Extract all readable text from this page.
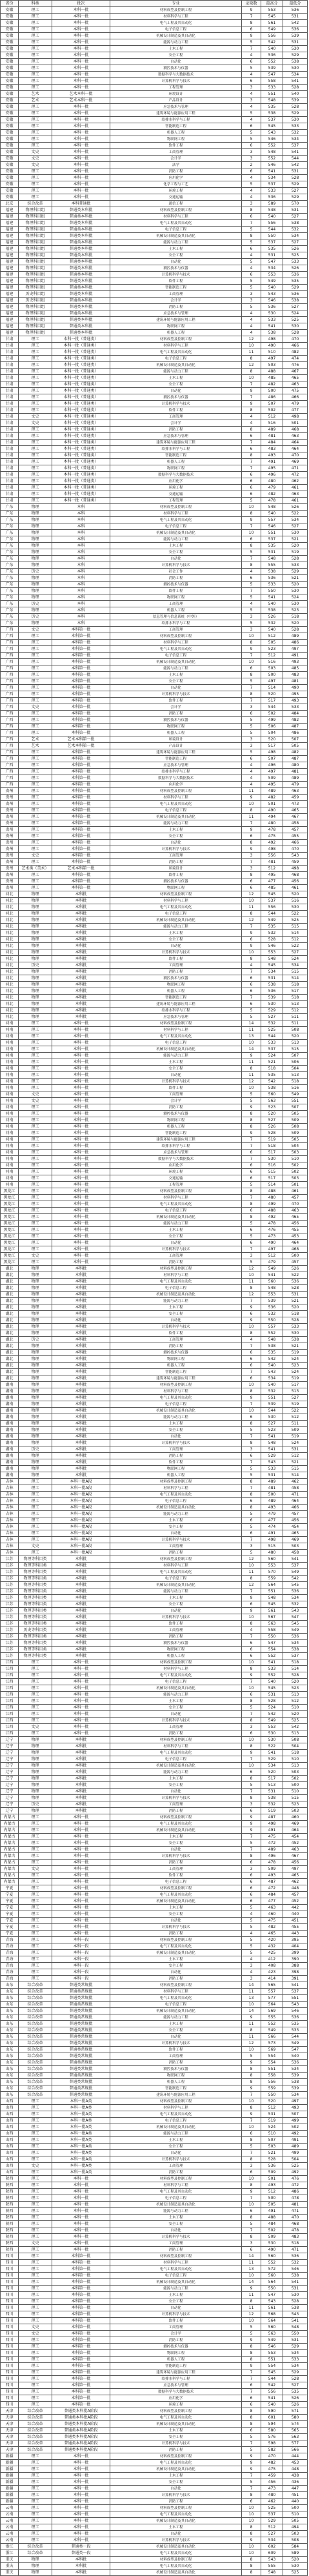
省份	科类	批次	专业	录取数	最高分	最低分
安徽	理工	本科一批	材料成型及控制工程	9	553	536
安徽	理工	本科一批	材料科学与工程	7	545	531
安徽	理工	本科一批	电气工程及其自动化	8	561	542
安徽	理工	本科一批	电子信息工程	6	549	536
安徽	理工	本科一批	机械设计制造及其自动化	9	556	539
安徽	理工	本科一批	能源与动力工程	5	542	531
安徽	理工	本科一批	土木工程	7	540	530
安徽	理工	本科一批	安全工程	4	536	529
安徽	理工	本科一批	自动化	6	552	538
安徽	理工	本科一批	测控技术与仪器	5	539	530
安徽	理工	本科一批	数据科学与大数据技术	4	547	534
安徽	理工	本科一批	计算机科学与技术	6	558	541
安徽	理工	本科一批	工程管理	3	533	528
安徽	艺术	艺术本科一批	环境设计	4	551	540
安徽	艺术	艺术本科一批	产品设计	3	548	539
安徽	理工	本科一批	应急技术与管理	4	535	528
安徽	理工	本科一批	建筑环境与能源应用工程	5	538	529
安徽	理工	本科一批	给排水科学与工程	4	537	530
安徽	理工	本科一批	智能制造工程	6	545	533
安徽	理工	本科一批	机器人工程	5	543	532
安徽	理工	本科一批	物联网工程	5	546	534
安徽	理工	本科一批	软件工程	6	552	537
安徽	文史	本科一批	工商管理	3	548	541
安徽	文史	本科一批	会计学	3	552	544
安徽	文史	本科一批	法学	2	546	542
安徽	理工	本科一批	消防工程	6	541	531
安徽	理工	本科一批	应用化学	4	534	528
安徽	理工	本科一批	化学工程与工艺	5	537	529
安徽	理工	本科一批	环境工程	4	533	527
安徽	理工	本科一批	交通运输	4	536	529
北京	综合改革	本科普通批	通信工程	3	589	570
福建	物理科目组	普通类本科批	材料成型及控制工程	8	548	531
福建	物理科目组	普通类本科批	材料科学与工程	6	540	527
福建	物理科目组	普通类本科批	电气工程及其自动化	7	556	538
福建	物理科目组	普通类本科批	电子信息工程	5	544	532
福建	物理科目组	普通类本科批	机械设计制造及其自动化	8	550	534
福建	物理科目组	普通类本科批	能源与动力工程	5	537	527
福建	物理科目组	普通类本科批	土木工程	6	535	526
福建	物理科目组	普通类本科批	安全工程	4	531	525
福建	物理科目组	普通类本科批	自动化	5	547	533
福建	物理科目组	普通类本科批	测控技术与仪器	4	534	526
福建	物理科目组	普通类本科批	计算机科学与技术	6	553	536
福建	物理科目组	普通类本科批	软件工程	5	549	535
福建	物理科目组	普通类本科批	智能制造工程	5	540	529
福建	历史科目组	普通类本科批	工商管理	3	543	536
福建	历史科目组	普通类本科批	会计学	3	546	538
福建	物理科目组	普通类本科批	消防工程	5	536	527
福建	物理科目组	普通类本科批	应急技术与管理	4	530	524
福建	物理科目组	普通类本科批	建筑环境与能源应用工程	4	533	525
福建	物理科目组	普通类本科批	物联网工程	4	541	530
福建	物理科目组	普通类本科批	机器人工程	4	538	528
甘肃	理工	本科一批（普通类）	材料成型及控制工程	12	498	470
甘肃	理工	本科一批（普通类）	材料科学与工程	10	490	466
甘肃	理工	本科一批（普通类）	电气工程及其自动化	11	510	482
甘肃	理工	本科一批（普通类）	电子信息工程	8	497	474
甘肃	理工	本科一批（普通类）	机械设计制造及其自动化	12	503	476
甘肃	理工	本科一批（普通类）	能源与动力工程	8	488	467
甘肃	理工	本科一批（普通类）	土木工程	10	485	465
甘肃	理工	本科一批（普通类）	安全工程	7	482	463
甘肃	理工	本科一批（普通类）	自动化	9	500	475
甘肃	理工	本科一批（普通类）	测控技术与仪器	7	486	466
甘肃	理工	本科一批（普通类）	计算机科学与技术	9	507	479
甘肃	理工	本科一批（普通类）	软件工程	8	502	477
甘肃	文史	本科一批（普通类）	工商管理	4	512	498
甘肃	文史	本科一批（普通类）	会计学	4	516	501
甘肃	理工	本科一批（普通类）	消防工程	8	489	468
甘肃	理工	本科一批（普通类）	应急技术与管理	6	481	463
甘肃	理工	本科一批（普通类）	建筑环境与能源应用工程	7	484	464
甘肃	理工	本科一批（普通类）	给排水科学与工程	6	483	464
甘肃	理工	本科一批（普通类）	智能制造工程	8	493	470
甘肃	理工	本科一批（普通类）	机器人工程	7	491	469
甘肃	理工	本科一批（普通类）	物联网工程	7	495	471
甘肃	理工	本科一批（普通类）	数据科学与大数据技术	6	496	472
甘肃	理工	本科一批（普通类）	应用化学	6	480	462
甘肃	理工	本科一批（普通类）	环境工程	6	479	461
甘肃	理工	本科一批（普通类）	交通运输	6	482	463
甘肃	理工	本科一批（普通类）	工程管理	5	478	461
广东	物理	本科	材料成型及控制工程	10	548	526
广东	物理	本科	材料科学与工程	8	540	522
广东	物理	本科	电气工程及其自动化	9	557	534
广东	物理	本科	电子信息工程	7	546	527
广东	物理	本科	机械设计制造及其自动化	10	551	530
广东	物理	本科	能源与动力工程	6	537	521
广东	物理	本科	土木工程	8	535	520
广东	物理	本科	安全工程	5	531	519
广东	物理	本科	自动化	7	548	528
广东	物理	本科	计算机科学与技术	8	555	533
广东	历史	本科	社会工作	4	538	529
广东	物理	本科	消防工程	6	536	521
广东	物理	本科	测控技术与仪器	5	533	520
广东	物理	本科	软件工程	7	550	530
广东	物理	本科	物联网工程	5	541	524
广东	历史	本科	工商管理	4	540	530
广东	物理	本科	机器人工程	5	538	523
广东	历史	本科	信息管理与信息系统（中外）	3	526	518
广东	物理	本科	给排水科学与工程	5	532	520
广西	文史	本科第一批	工商管理	3	540	528
广西	理工	本科第一批	材料成型及控制工程	10	512	489
广西	理工	本科第一批	材料科学与工程	8	505	486
广西	理工	本科第一批	电气工程及其自动化	9	523	497
广西	理工	本科第一批	电子信息工程	7	512	491
广西	理工	本科第一批	机械设计制造及其自动化	10	516	493
广西	理工	本科第一批	能源与动力工程	6	503	485
广西	理工	本科第一批	土木工程	8	500	483
广西	理工	本科第一批	安全工程	5	497	481
广西	理工	本科第一批	自动化	7	514	490
广西	理工	本科第一批	计算机科学与技术	8	520	495
广西	理工	本科第一批	软件工程	7	517	493
广西	文史	本科第一批	会计学	3	544	533
广西	理工	本科第一批	消防工程	6	502	484
广西	理工	本科第一批	测控技术与仪器	5	499	482
广西	理工	本科第一批	物联网工程	5	506	487
广西	理工	本科第一批	机器人工程	5	504	486
广西	艺术	艺术本科第一批	环境设计	3	520	507
广西	艺术	艺术本科第一批	产品设计	3	517	505
广西	理工	本科第一批	建筑环境与能源应用工程	5	498	482
广西	理工	本科第一批	智能制造工程	6	507	487
广西	理工	本科第一批	应急技术与管理	4	496	480
广西	理工	本科第一批	给排水科学与工程	4	497	481
广西	理工	本科第一批	数据科学与大数据技术	4	509	489
广西	理工	本科第一批	应用化学	4	495	479
贵州	理工	本科第一批	材料成型及控制工程	11	489	463
贵州	理工	本科第一批	材料科学与工程	9	482	459
贵州	理工	本科第一批	电气工程及其自动化	10	501	473
贵州	理工	本科第一批	电子信息工程	8	490	465
贵州	理工	本科第一批	机械设计制造及其自动化	11	494	467
贵州	理工	本科第一批	能源与动力工程	7	480	458
贵州	理工	本科第一批	土木工程	9	478	457
贵州	理工	本科第一批	安全工程	6	475	455
贵州	理工	本科第一批	自动化	8	492	466
贵州	理工	本科第一批	计算机科学与技术	9	498	470
贵州	文史	本科第一批	工商管理	3	556	543
贵州	理工	本科第一批	消防工程	7	481	459
贵州	艺术类（美术）	艺术本科第一批	环境设计	3	512	498
贵州	理工	本科第一批	软件工程	8	495	468
贵州	理工	本科第一批	测控技术与仪器	6	477	456
贵州	理工	本科第一批	物联网工程	6	485	461
河北	物理	本科批	材料成型及控制工程	12	545	520
河北	物理	本科批	材料科学与工程	10	537	516
河北	物理	本科批	电气工程及其自动化	11	556	530
河北	物理	本科批	电子信息工程	8	544	522
河北	物理	本科批	机械设计制造及其自动化	12	549	525
河北	物理	本科批	能源与动力工程	7	535	515
河北	物理	本科批	土木工程	9	532	514
河北	物理	本科批	安全工程	6	528	512
河北	物理	本科批	自动化	9	546	522
河北	物理	本科批	计算机科学与技术	10	553	527
河北	物理	本科批	软件工程	8	548	524
河北	历史	本科批	工商管理	4	545	534
河北	物理	本科批	消防工程	7	534	515
河北	物理	本科批	测控技术与仪器	6	531	514
河北	物理	本科批	物联网工程	6	538	518
河北	物理	本科批	机器人工程	6	536	517
河北	物理	本科批	智能制造工程	7	539	518
河北	物理	本科批	建筑环境与能源应用工程	6	530	513
河北	物理	本科批	给排水科学与工程	5	529	512
河北	物理	本科批	应急技术与管理	5	527	511
河南	理工	本科一批	材料成型及控制工程	14	532	511
河南	理工	本科一批	材料科学与工程	11	525	508
河南	理工	本科一批	电气工程及其自动化	13	544	520
河南	理工	本科一批	电子信息工程	10	533	513
河南	理工	本科一批	机械设计制造及其自动化	14	537	515
河南	理工	本科一批	能源与动力工程	9	524	507
河南	理工	本科一批	土木工程	11	521	506
河南	理工	本科一批	安全工程	8	518	504
河南	理工	本科一批	自动化	11	535	513
河南	理工	本科一批	计算机科学与技术	12	542	518
河南	理工	本科一批	软件工程	10	538	516
河南	文史	本科一批	工商管理	5	560	549
河南	文史	本科一批	会计学	5	563	551
河南	理工	本科一批	消防工程	9	523	507
河南	理工	本科一批	测控技术与仪器	8	520	505
河南	理工	本科一批	物联网工程	8	527	509
河南	理工	本科一批	机器人工程	8	526	508
河南	理工	本科一批	智能制造工程	9	528	509
河南	理工	本科一批	建筑环境与能源应用工程	7	519	505
河南	理工	本科一批	给排水科学与工程	7	518	504
河南	理工	本科一批	应急技术与管理	6	517	503
河南	理工	本科一批	数据科学与大数据技术	7	530	510
河南	理工	本科一批	应用化学	6	516	502
河南	理工	本科一批	环境工程	6	515	502
河南	理工	本科一批	交通运输	6	517	503
河南	理工	本科一批	工程管理	5	514	501
黑龙江	理工	本科一批	材料成型及控制工程	8	488	461
黑龙江	理工	本科一批	材料科学与工程	7	480	457
黑龙江	理工	本科一批	电气工程及其自动化	8	499	470
黑龙江	理工	本科一批	电子信息工程	6	488	463
黑龙江	理工	本科一批	机械设计制造及其自动化	8	492	465
黑龙江	理工	本科一批	能源与动力工程	5	478	456
黑龙江	理工	本科一批	土木工程	6	476	455
黑龙江	理工	本科一批	安全工程	5	473	453
黑龙江	理工	本科一批	自动化	6	490	464
黑龙江	理工	本科一批	计算机科学与技术	7	497	468
黑龙江	文史	本科一批	工商管理	3	512	500
黑龙江	理工	本科一批	消防工程	5	479	457
湖北	物理	本科批	材料成型及控制工程	12	549	526
湖北	物理	本科批	材料科学与工程	10	541	522
湖北	物理	本科批	电气工程及其自动化	11	560	536
湖北	物理	本科批	电子信息工程	8	548	528
湖北	物理	本科批	机械设计制造及其自动化	12	553	531
湖北	物理	本科批	能源与动力工程	7	539	521
湖北	物理	本科批	土木工程	9	536	520
湖北	物理	本科批	安全工程	6	532	518
湖北	物理	本科批	自动化	9	550	528
湖北	物理	本科批	计算机科学与技术	10	557	533
湖北	物理	本科批	软件工程	8	552	530
湖北	历史	本科批	工商管理	4	548	538
湖北	物理	本科批	消防工程	7	538	521
湖北	物理	本科批	测控技术与仪器	6	535	519
湖北	物理	本科批	物联网工程	6	542	524
湖北	物理	本科批	机器人工程	6	540	523
湖北	物理	本科批	智能制造工程	7	543	524
湖北	物理	本科批	建筑环境与能源应用工程	6	534	519
湖南	物理	本科批	材料成型及控制工程	10	540	517
湖南	物理	本科批	材料科学与工程	8	532	513
湖南	物理	本科批	电气工程及其自动化	9	551	527
湖南	物理	本科批	电子信息工程	7	539	519
湖南	物理	本科批	机械设计制造及其自动化	10	544	522
湖南	物理	本科批	能源与动力工程	6	530	512
湖南	物理	本科批	土木工程	8	527	511
湖南	物理	本科批	安全工程	5	523	509
湖南	物理	本科批	自动化	7	541	519
湖南	物理	本科批	计算机科学与技术	8	548	524
湖南	历史	本科批	工商管理	3	541	531
湖南	物理	本科批	消防工程	6	529	512
湖南	物理	本科批	软件工程	7	543	521
湖南	物理	本科批	物联网工程	5	533	515
湖南	物理	本科批	机器人工程	5	531	514
吉林	理工	本科一批A段	材料成型及控制工程	8	489	462
吉林	理工	本科一批A段	材料科学与工程	7	481	458
吉林	理工	本科一批A段	电气工程及其自动化	8	500	471
吉林	理工	本科一批A段	电子信息工程	6	489	464
吉林	理工	本科一批A段	机械设计制造及其自动化	8	493	466
吉林	理工	本科一批A段	能源与动力工程	5	479	457
吉林	理工	本科一批A段	土木工程	6	477	456
吉林	理工	本科一批A段	安全工程	5	474	454
吉林	理工	本科一批A段	自动化	6	491	465
吉林	理工	本科一批A段	计算机科学与技术	7	498	469
吉林	文史	本科一批A段	工商管理	3	515	503
吉林	理工	本科一批A段	消防工程	5	480	458
江苏	物理等科目类	本科批	材料成型及控制工程	12	560	541
江苏	物理等科目类	本科批	材料科学与工程	10	553	537
江苏	物理等科目类	本科批	电气工程及其自动化	11	570	549
江苏	物理等科目类	本科批	电子信息工程	8	559	542
江苏	物理等科目类	本科批	机械设计制造及其自动化	12	564	545
江苏	物理等科目类	本科批	能源与动力工程	7	551	536
江苏	物理等科目类	本科批	土木工程	9	548	534
江苏	物理等科目类	本科批	安全工程	6	545	532
江苏	物理等科目类	本科批	自动化	9	561	543
江苏	物理等科目类	本科批	计算机科学与技术	10	567	547
江苏	物理等科目类	本科批	软件工程	8	563	545
江苏	历史等科目类	本科批	工商管理	4	558	549
江苏	物理等科目类	本科批	消防工程	7	550	536
江苏	物理等科目类	本科批	测控技术与仪器	6	547	534
江苏	物理等科目类	本科批	物联网工程	6	554	538
江苏	物理等科目类	本科批	机器人工程	6	552	537
江西	理工	本科一批	材料成型及控制工程	10	541	518
江西	理工	本科一批	材料科学与工程	8	533	514
江西	理工	本科一批	电气工程及其自动化	9	552	528
江西	理工	本科一批	电子信息工程	7	540	520
江西	理工	本科一批	机械设计制造及其自动化	10	545	523
江西	理工	本科一批	能源与动力工程	6	531	513
江西	理工	本科一批	土木工程	8	528	512
江西	理工	本科一批	安全工程	5	524	510
江西	理工	本科一批	自动化	7	542	520
江西	理工	本科一批	计算机科学与技术	8	549	525
江西	文史	本科一批	工商管理	3	553	542
江西	理工	本科一批	消防工程	6	530	513
辽宁	物理	本科批	材料成型及控制工程	10	530	508
辽宁	物理	本科批	材料科学与工程	8	522	504
辽宁	物理	本科批	电气工程及其自动化	9	541	518
辽宁	物理	本科批	电子信息工程	7	529	510
辽宁	物理	本科批	机械设计制造及其自动化	10	534	513
辽宁	物理	本科批	能源与动力工程	6	520	503
辽宁	物理	本科批	土木工程	8	517	502
辽宁	物理	本科批	安全工程	5	513	500
辽宁	物理	本科批	自动化	7	531	510
辽宁	物理	本科批	计算机科学与技术	8	538	515
辽宁	历史	本科批	工商管理	3	532	523
辽宁	物理	本科批	消防工程	6	519	503
内蒙古	理工	本科一批	材料成型及控制工程	9	487	460
内蒙古	理工	本科一批	电气工程及其自动化	9	498	469
内蒙古	理工	本科一批	机械设计制造及其自动化	9	491	464
内蒙古	理工	本科一批	土木工程	7	475	454
内蒙古	理工	本科一批	安全工程	5	472	452
内蒙古	理工	本科一批	自动化	7	489	463
内蒙古	理工	本科一批	计算机科学与技术	8	496	467
内蒙古	理工	本科一批	消防工程	6	478	456
内蒙古	文史	本科一批	工商管理	3	509	497
内蒙古	理工	本科一批	软件工程	6	493	465
内蒙古	理工	本科一批	电子信息工程	6	487	462
宁夏	理工	本科一批	材料成型及控制工程	6	472	448
宁夏	理工	本科一批	电气工程及其自动化	6	484	457
宁夏	理工	本科一批	机械设计制造及其自动化	6	477	452
宁夏	理工	本科一批	土木工程	5	463	442
宁夏	理工	本科一批	安全工程	4	460	440
宁夏	理工	本科一批	自动化	5	475	451
宁夏	理工	本科一批	计算机科学与技术	5	482	455
宁夏	理工	本科一批	消防工程	4	465	443
青海	理工	本科一段	材料成型及控制工程	5	420	395
青海	理工	本科一段	电气工程及其自动化	5	432	404
青海	理工	本科一段	机械设计制造及其自动化	5	425	399
青海	理工	本科一段	土木工程	4	412	390
青海	理工	本科一段	安全工程	3	408	388
青海	理工	本科一段	自动化	4	423	398
青海	理工	本科一段	消防工程	3	414	391
山东	综合改革	普通类常规批	材料成型及控制工程	14	565	541
山东	综合改革	普通类常规批	材料科学与工程	11	557	537
山东	综合改革	普通类常规批	电气工程及其自动化	13	577	551
山东	综合改革	普通类常规批	电子信息工程	10	564	543
山东	综合改革	普通类常规批	机械设计制造及其自动化	14	569	546
山东	综合改革	普通类常规批	能源与动力工程	9	555	536
山东	综合改革	普通类常规批	土木工程	11	552	535
山东	综合改革	普通类常规批	安全工程	8	549	533
山东	综合改革	普通类常规批	自动化	11	566	544
山东	综合改革	普通类常规批	计算机科学与技术	12	573	549
山东	综合改革	普通类常规批	软件工程	10	569	547
山东	综合改革	普通类常规批	工商管理	5	554	540
山东	综合改革	普通类常规批	消防工程	9	554	536
山东	综合改革	普通类常规批	测控技术与仪器	8	551	534
山东	综合改革	普通类常规批	物联网工程	8	558	539
山东	综合改革	普通类常规批	机器人工程	8	556	538
山东	综合改革	普通类常规批	智能制造工程	9	559	539
山东	综合改革	普通类常规批	建筑环境与能源应用工程	7	550	534
山西	理工	本科一批A类	材料成型及控制工程	10	520	497
山西	理工	本科一批A类	材料科学与工程	8	512	493
山西	理工	本科一批A类	电气工程及其自动化	9	531	507
山西	理工	本科一批A类	电子信息工程	7	519	499
山西	理工	本科一批A类	机械设计制造及其自动化	10	524	502
山西	理工	本科一批A类	能源与动力工程	6	510	492
山西	理工	本科一批A类	土木工程	8	507	491
山西	理工	本科一批A类	安全工程	5	503	489
山西	理工	本科一批A类	自动化	7	521	499
山西	理工	本科一批A类	计算机科学与技术	8	528	504
山西	文史	本科一批A类	工商管理	3	536	525
山西	理工	本科一批A类	消防工程	6	509	492
陕西	理工	本科一批	材料成型及控制工程	10	501	476
陕西	理工	本科一批	材料科学与工程	8	493	472
陕西	理工	本科一批	电气工程及其自动化	9	512	486
陕西	理工	本科一批	电子信息工程	7	500	478
陕西	理工	本科一批	机械设计制造及其自动化	10	505	481
陕西	理工	本科一批	能源与动力工程	6	491	471
陕西	理工	本科一批	土木工程	8	488	470
陕西	理工	本科一批	安全工程	5	484	468
陕西	理工	本科一批	自动化	7	502	478
陕西	理工	本科一批	计算机科学与技术	8	509	483
陕西	文史	本科一批	工商管理	3	530	518
陕西	理工	本科一批	消防工程	6	490	471
四川	理工	本科第一批	材料成型及控制工程	14	560	536
四川	理工	本科第一批	材料科学与工程	11	552	532
四川	理工	本科第一批	电气工程及其自动化	13	572	546
四川	理工	本科第一批	电子信息工程	10	560	538
四川	理工	本科第一批	机械设计制造及其自动化	14	564	541
四川	理工	本科第一批	能源与动力工程	9	550	531
四川	理工	本科第一批	土木工程	11	547	530
四川	理工	本科第一批	安全工程	8	543	528
四川	理工	本科第一批	自动化	11	561	538
四川	理工	本科第一批	计算机科学与技术	12	568	543
四川	理工	本科第一批	软件工程	10	564	541
四川	文史	本科第一批	工商管理	5	560	548
四川	文史	本科第一批	会计学	5	563	550
四川	理工	本科第一批	消防工程	9	549	531
四川	理工	本科第一批	测控技术与仪器	8	546	529
四川	理工	本科第一批	物联网工程	8	553	534
四川	理工	本科第一批	机器人工程	8	551	533
四川	理工	本科第一批	智能制造工程	9	554	534
四川	理工	本科第一批	建筑环境与能源应用工程	7	545	529
四川	理工	本科第一批	给排水科学与工程	7	544	528
四川	理工	本科第一批	应急技术与管理	6	542	527
四川	理工	本科第一批	数据科学与大数据技术	7	556	535
四川	理工	本科第一批	应用化学	6	541	526
四川	理工	本科第一批	环境工程	6	540	526
天津	综合改革	普通类本科批A阶段	材料成型及控制工程	8	590	571
天津	综合改革	普通类本科批A阶段	电气工程及其自动化	8	601	580
天津	综合改革	普通类本科批A阶段	机械设计制造及其自动化	8	594	574
天津	综合改革	普通类本科批A阶段	土木工程	6	580	565
天津	综合改革	普通类本科批A阶段	安全工程	5	576	563
天津	综合改革	普通类本科批A阶段	计算机科学与技术	7	598	577
天津	综合改革	普通类本科批A阶段	消防工程	5	582	566
新疆	理工	本科一批	材料成型及控制工程	9	470	444
新疆	理工	本科一批	电气工程及其自动化	9	482	453
新疆	理工	本科一批	机械设计制造及其自动化	9	475	448
新疆	理工	本科一批	土木工程	7	459	438
新疆	理工	本科一批	安全工程	5	456	436
新疆	理工	本科一批	自动化	7	473	447
新疆	理工	本科一批	计算机科学与技术	8	480	451
新疆	理工	本科一批	消防工程	6	462	440
云南	理工	本科一批	材料成型及控制工程	10	525	500
云南	理工	本科一批	电气工程及其自动化	10	537	510
云南	理工	本科一批	机械设计制造及其自动化	10	529	505
云南	理工	本科一批	土木工程	8	512	494
云南	理工	本科一批	自动化	8	527	503
云南	理工	本科一批	计算机科学与技术	9	534	508
浙江	综合改革	普通类一段	机械设计制造及其自动化	10	602	584
浙江	综合改革	普通类一段	电气工程及其自动化	10	609	589
重庆	物理	本科批	材料成型及控制工程	8	543	520
重庆	物理	本科批	电气工程及其自动化	8	555	530
重庆	物理	本科批	机械设计制造及其自动化	8	548	525
